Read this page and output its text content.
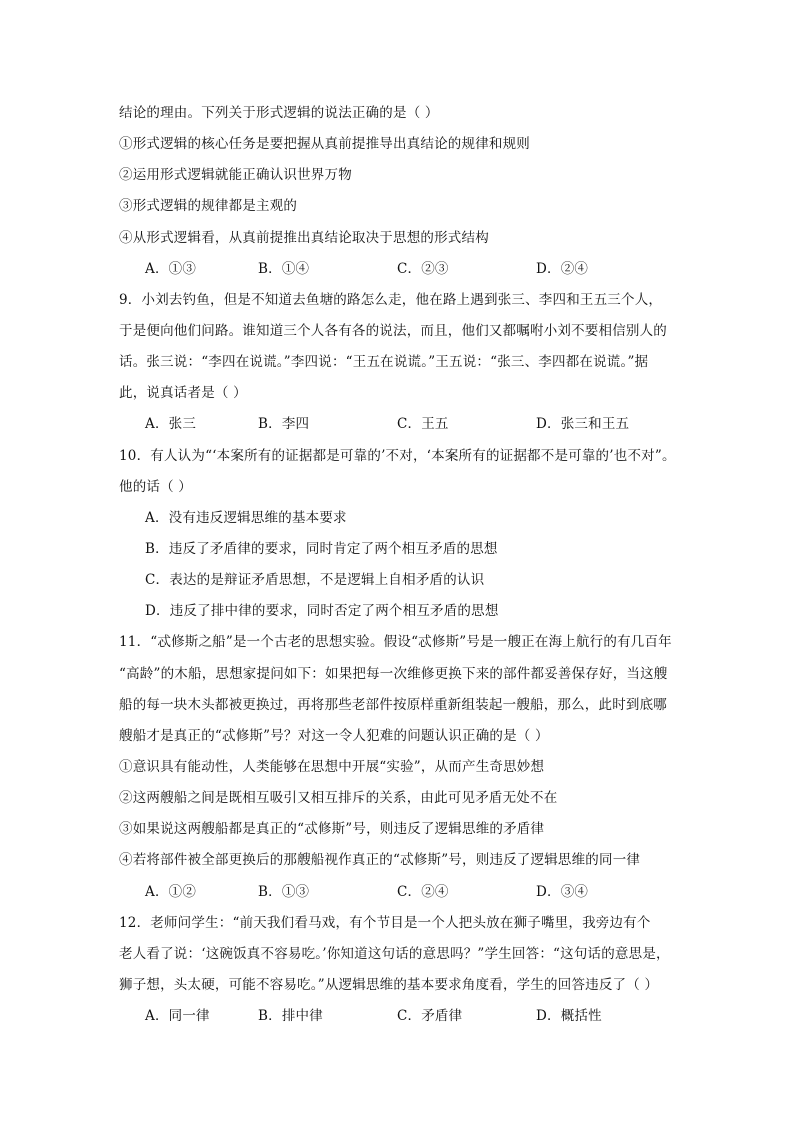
结论的理由。下列关于形式逻辑的说法正确的是（ ）
①形式逻辑的核心任务是要把握从真前提推导出真结论的规律和规则
②运用形式逻辑就能正确认识世界万物
③形式逻辑的规律都是主观的
④从形式逻辑看，从真前提推出真结论取决于思想的形式结构
A．①③	B．①④	C．②③	D．②④
9．小刘去钓鱼，但是不知道去鱼塘的路怎么走，他在路上遇到张三、李四和王五三个人，
于是便向他们问路。谁知道三个人各有各的说法，而且，他们又都嘱咐小刘不要相信别人的
话。张三说：“李四在说谎。”李四说：“王五在说谎。”王五说：“张三、李四都在说谎。”据
此，说真话者是（ ）
A．张三	B．李四	C．王五	D．张三和王五
10．有人认为“‘本案所有的证据都是可靠的’不对，‘本案所有的证据都不是可靠的’也不对”。
他的话（ ）
A．没有违反逻辑思维的基本要求
B．违反了矛盾律的要求，同时肯定了两个相互矛盾的思想
C．表达的是辩证矛盾思想，不是逻辑上自相矛盾的认识
D．违反了排中律的要求，同时否定了两个相互矛盾的思想
11．“忒修斯之船”是一个古老的思想实验。假设“忒修斯”号是一艘正在海上航行的有几百年
“高龄”的木船，思想家提问如下：如果把每一次维修更换下来的部件都妥善保存好，当这艘
船的每一块木头都被更换过，再将那些老部件按原样重新组装起一艘船，那么，此时到底哪
艘船才是真正的“忒修斯”号？对这一令人犯难的问题认识正确的是（ ）
①意识具有能动性，人类能够在思想中开展“实验”，从而产生奇思妙想
②这两艘船之间是既相互吸引又相互排斥的关系，由此可见矛盾无处不在
③如果说这两艘船都是真正的“忒修斯”号，则违反了逻辑思维的矛盾律
④若将部件被全部更换后的那艘船视作真正的“忒修斯”号，则违反了逻辑思维的同一律
A．①②	B．①③	C．②④	D．③④
12．老师问学生：“前天我们看马戏，有个节目是一个人把头放在狮子嘴里，我旁边有个
老人看了说：‘这碗饭真不容易吃。’你知道这句话的意思吗？”学生回答：“这句话的意思是，
狮子想，头太硬，可能不容易吃。”从逻辑思维的基本要求角度看，学生的回答违反了（ ）
A．同一律	B．排中律	C．矛盾律	D．概括性
